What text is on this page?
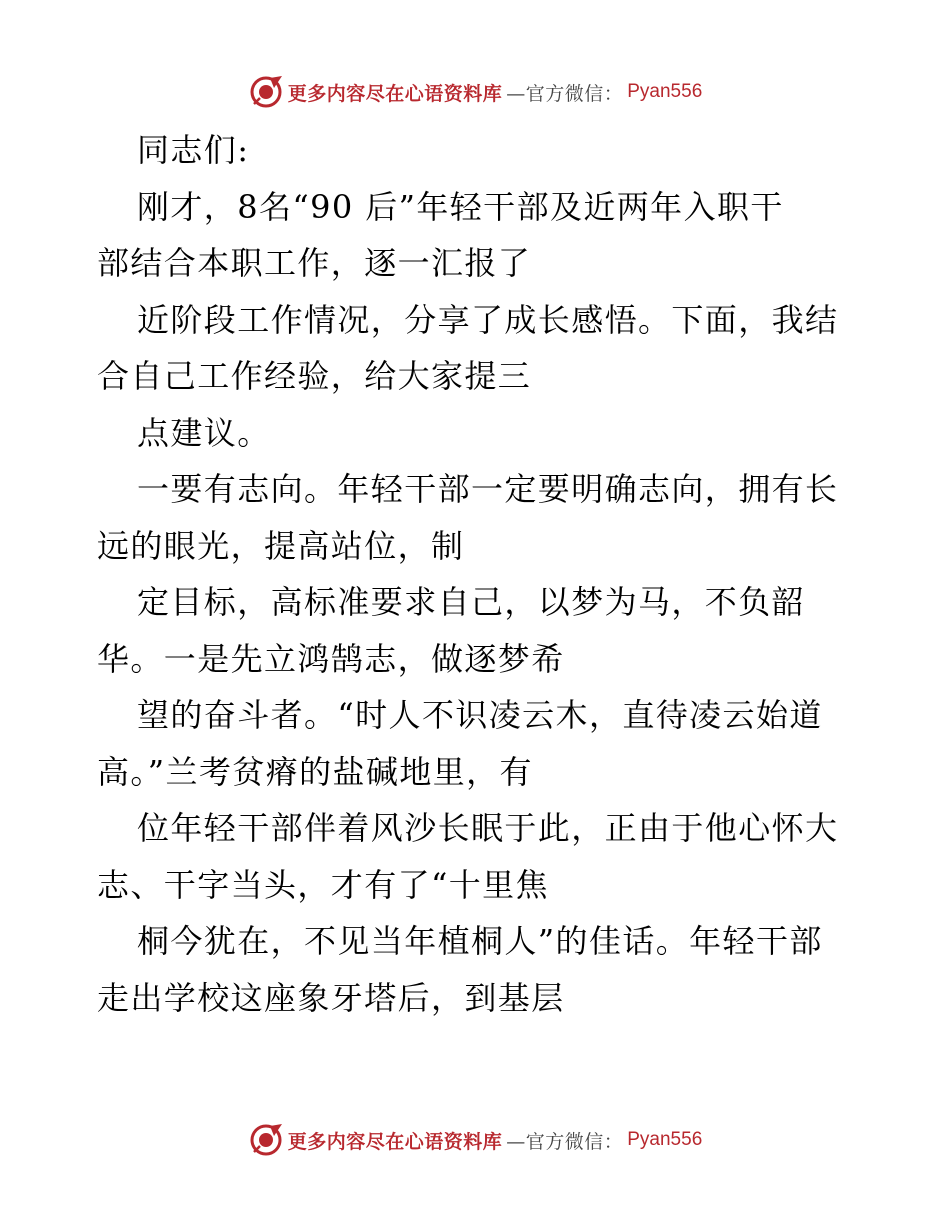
更多内容尽在心语资料库 —官方微信： Pyan556
同志们:
刚才，8名“90 后”年轻干部及近两年入职干
部结合本职工作，逐一汇报了
近阶段工作情况，分享了成长感悟。下面，我结
合自己工作经验，给大家提三
点建议。
一要有志向。年轻干部一定要明确志向，拥有长
远的眼光，提高站位，制
定目标，高标准要求自己，以梦为马，不负韶
华。一是先立鸿鹄志，做逐梦希
望的奋斗者。“时人不识凌云木，直待凌云始道
高。”兰考贫瘠的盐碱地里，有
位年轻干部伴着风沙长眠于此，正由于他心怀大
志、干字当头，才有了“十里焦
桐今犹在，不见当年植桐人”的佳话。年轻干部
走出学校这座象牙塔后，到基层
更多内容尽在心语资料库 —官方微信： Pyan556
